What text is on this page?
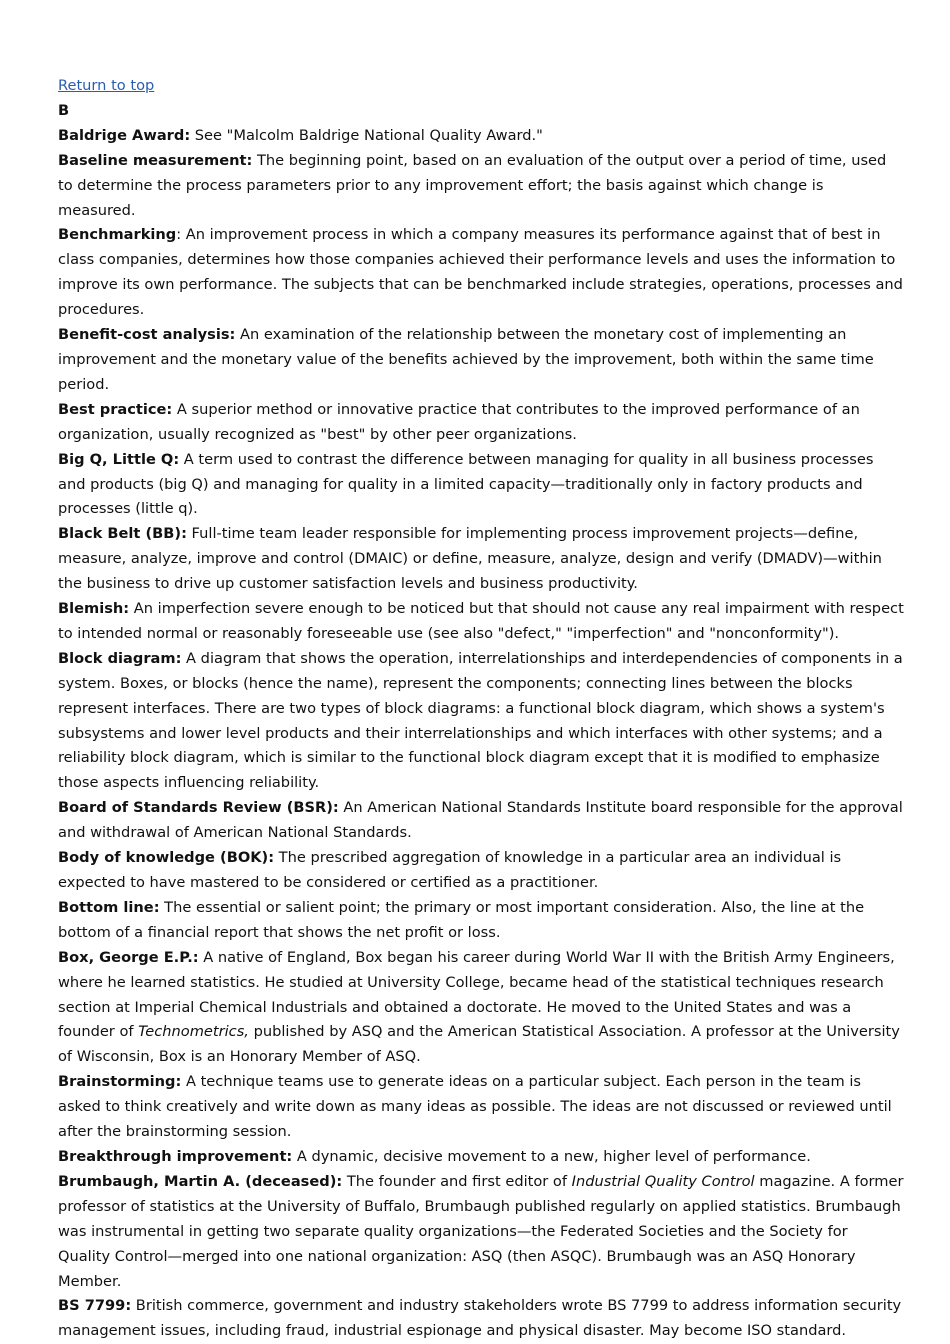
Return to top
B

Baldrige Award: See "Malcolm Baldrige National Quality Award."

Baseline measurement: The beginning point, based on an evaluation of the output over a period of time, used to determine the process parameters prior to any improvement effort; the basis against which change is measured.

Benchmarking: An improvement process in which a company measures its performance against that of best in class companies, determines how those companies achieved their performance levels and uses the information to improve its own performance. The subjects that can be benchmarked include strategies, operations, processes and procedures.

Benefit-cost analysis: An examination of the relationship between the monetary cost of implementing an improvement and the monetary value of the benefits achieved by the improvement, both within the same time period.

Best practice: A superior method or innovative practice that contributes to the improved performance of an organization, usually recognized as "best" by other peer organizations.

Big Q, Little Q: A term used to contrast the difference between managing for quality in all business processes and products (big Q) and managing for quality in a limited capacity—traditionally only in factory products and processes (little q).

Black Belt (BB): Full-time team leader responsible for implementing process improvement projects—define, measure, analyze, improve and control (DMAIC) or define, measure, analyze, design and verify (DMADV)—within the business to drive up customer satisfaction levels and business productivity.

Blemish: An imperfection severe enough to be noticed but that should not cause any real impairment with respect to intended normal or reasonably foreseeable use (see also "defect," "imperfection" and "nonconformity").

Block diagram: A diagram that shows the operation, interrelationships and interdependencies of components in a system. Boxes, or blocks (hence the name), represent the components; connecting lines between the blocks represent interfaces. There are two types of block diagrams: a functional block diagram, which shows a system's subsystems and lower level products and their interrelationships and which interfaces with other systems; and a reliability block diagram, which is similar to the functional block diagram except that it is modified to emphasize those aspects influencing reliability.

Board of Standards Review (BSR): An American National Standards Institute board responsible for the approval and withdrawal of American National Standards.

Body of knowledge (BOK): The prescribed aggregation of knowledge in a particular area an individual is expected to have mastered to be considered or certified as a practitioner.

Bottom line: The essential or salient point; the primary or most important consideration. Also, the line at the bottom of a financial report that shows the net profit or loss.

Box, George E.P.: A native of England, Box began his career during World War II with the British Army Engineers, where he learned statistics. He studied at University College, became head of the statistical techniques research section at Imperial Chemical Industrials and obtained a doctorate. He moved to the United States and was a founder of Technometrics, published by ASQ and the American Statistical Association. A professor at the University of Wisconsin, Box is an Honorary Member of ASQ.

Brainstorming: A technique teams use to generate ideas on a particular subject. Each person in the team is asked to think creatively and write down as many ideas as possible. The ideas are not discussed or reviewed until after the brainstorming session.

Breakthrough improvement: A dynamic, decisive movement to a new, higher level of performance.

Brumbaugh, Martin A. (deceased): The founder and first editor of Industrial Quality Control magazine. A former professor of statistics at the University of Buffalo, Brumbaugh published regularly on applied statistics. Brumbaugh was instrumental in getting two separate quality organizations—the Federated Societies and the Society for Quality Control—merged into one national organization: ASQ (then ASQC). Brumbaugh was an ASQ Honorary Member.

BS 7799: British commerce, government and industry stakeholders wrote BS 7799 to address information security management issues, including fraud, industrial espionage and physical disaster. May become ISO standard.
